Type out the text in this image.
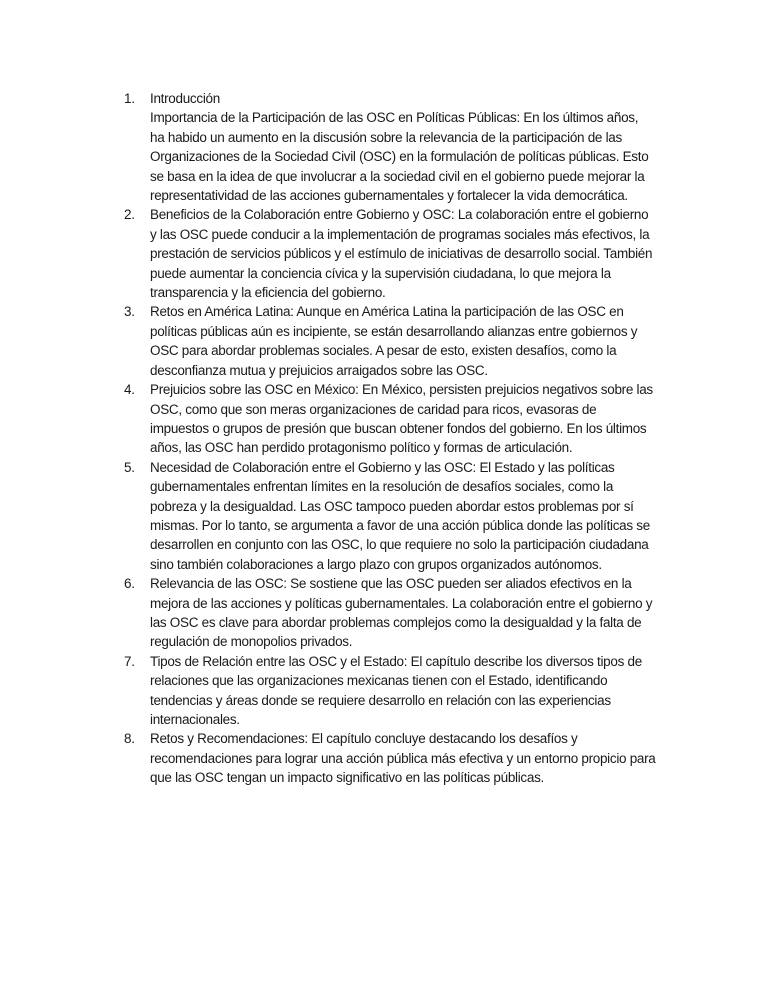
1.	Introducción

Importancia de la Participación de las OSC en Políticas Públicas: En los últimos años, ha habido un aumento en la discusión sobre la relevancia de la participación de las Organizaciones de la Sociedad Civil (OSC) en la formulación de políticas públicas. Esto se basa en la idea de que involucrar a la sociedad civil en el gobierno puede mejorar la representatividad de las acciones gubernamentales y fortalecer la vida democrática.

2.	Beneficios de la Colaboración entre Gobierno y OSC: La colaboración entre el gobierno y las OSC puede conducir a la implementación de programas sociales más efectivos, la prestación de servicios públicos y el estímulo de iniciativas de desarrollo social. También puede aumentar la conciencia cívica y la supervisión ciudadana, lo que mejora la transparencia y la eficiencia del gobierno.

3.	Retos en América Latina: Aunque en América Latina la participación de las OSC en políticas públicas aún es incipiente, se están desarrollando alianzas entre gobiernos y OSC para abordar problemas sociales. A pesar de esto, existen desafíos, como la desconfianza mutua y prejuicios arraigados sobre las OSC.

4.	Prejuicios sobre las OSC en México: En México, persisten prejuicios negativos sobre las OSC, como que son meras organizaciones de caridad para ricos, evasoras de impuestos o grupos de presión que buscan obtener fondos del gobierno. En los últimos años, las OSC han perdido protagonismo político y formas de articulación.

5.	Necesidad de Colaboración entre el Gobierno y las OSC: El Estado y las políticas gubernamentales enfrentan límites en la resolución de desafíos sociales, como la pobreza y la desigualdad. Las OSC tampoco pueden abordar estos problemas por sí mismas. Por lo tanto, se argumenta a favor de una acción pública donde las políticas se desarrollen en conjunto con las OSC, lo que requiere no solo la participación ciudadana sino también colaboraciones a largo plazo con grupos organizados autónomos.

6.	Relevancia de las OSC: Se sostiene que las OSC pueden ser aliados efectivos en la mejora de las acciones y políticas gubernamentales. La colaboración entre el gobierno y las OSC es clave para abordar problemas complejos como la desigualdad y la falta de regulación de monopolios privados.

7.	Tipos de Relación entre las OSC y el Estado: El capítulo describe los diversos tipos de relaciones que las organizaciones mexicanas tienen con el Estado, identificando tendencias y áreas donde se requiere desarrollo en relación con las experiencias internacionales.

8.	Retos y Recomendaciones: El capítulo concluye destacando los desafíos y recomendaciones para lograr una acción pública más efectiva y un entorno propicio para que las OSC tengan un impacto significativo en las políticas públicas.
